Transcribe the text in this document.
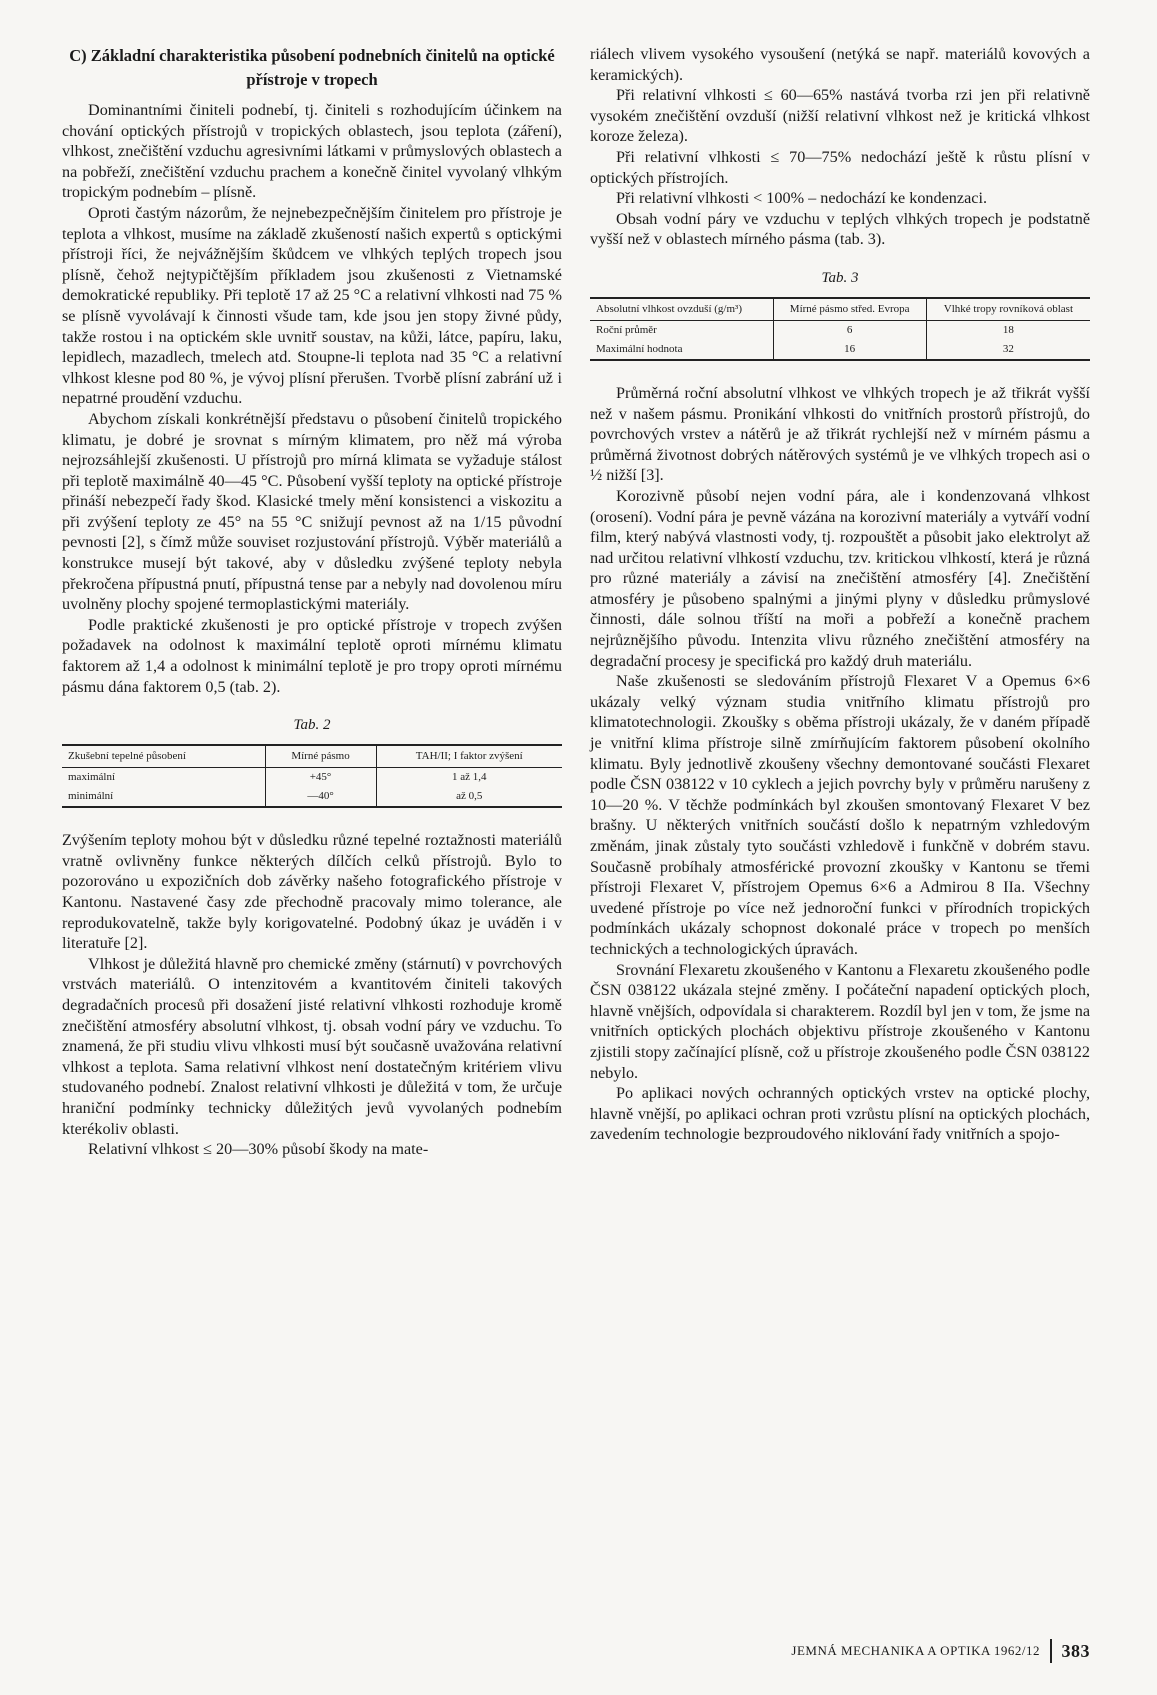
C) Základní charakteristika působení podnebních činitelů na optické přístroje v tropech

Dominantními činiteli podnebí, tj. činiteli s rozhodujícím účinkem na chování optických přístrojů v tropických oblastech, jsou teplota (záření), vlhkost, znečištění vzduchu agresivními látkami v průmyslových oblastech a na pobřeží, znečištění vzduchu prachem a konečně činitel vyvolaný vlhkým tropickým podnebím – plísně.

Oproti častým názorům, že nejnebezpečnějším činitelem pro přístroje je teplota a vlhkost, musíme na základě zkušeností našich expertů s optickými přístroji říci, že nejvážnějším škůdcem ve vlhkých teplých tropech jsou plísně, čehož nejtypičtějším příkladem jsou zkušenosti z Vietnamské demokratické republiky. Při teplotě 17 až 25 °C a relativní vlhkosti nad 75 % se plísně vyvolávají k činnosti všude tam, kde jsou jen stopy živné půdy, takže rostou i na optickém skle uvnitř soustav, na kůži, látce, papíru, laku, lepidlech, mazadlech, tmelech atd. Stoupne-li teplota nad 35 °C a relativní vlhkost klesne pod 80 %, je vývoj plísní přerušen. Tvorbě plísní zabrání už i nepatrné proudění vzduchu.

Abychom získali konkrétnější představu o působení činitelů tropického klimatu, je dobré je srovnat s mírným klimatem, pro něž má výroba nejrozsáhlejší zkušenosti. U přístrojů pro mírná klimata se vyžaduje stálost při teplotě maximálně 40—45 °C. Působení vyšší teploty na optické přístroje přináší nebezpečí řady škod. Klasické tmely mění konsistenci a viskozitu a při zvýšení teploty ze 45° na 55 °C snižují pevnost až na 1/15 původní pevnosti [2], s čímž může souviset rozjustování přístrojů. Výběr materiálů a konstrukce musejí být takové, aby v důsledku zvýšené teploty nebyla překročena přípustná pnutí, přípustná tense par a nebyly nad dovolenou míru uvolněny plochy spojené termoplastickými materiály.

Podle praktické zkušenosti je pro optické přístroje v tropech zvýšen požadavek na odolnost k maximální teplotě oproti mírnému klimatu faktorem až 1,4 a odolnost k minimální teplotě je pro tropy oproti mírnému pásmu dána faktorem 0,5 (tab. 2).

Tab. 2
Zkušební tepelné působení	Mírné pásmo	TAH/II; I faktor zvýšení
maximální	+45°	1 až 1,4
minimální	—40°	až 0,5

Zvýšením teploty mohou být v důsledku různé tepelné roztažnosti materiálů vratně ovlivněny funkce některých dílčích celků přístrojů. Bylo to pozorováno u expozičních dob závěrky našeho fotografického přístroje v Kantonu. Nastavené časy zde přechodně pracovaly mimo tolerance, ale reprodukovatelně, takže byly korigovatelné. Podobný úkaz je uváděn i v literatuře [2].

Vlhkost je důležitá hlavně pro chemické změny (stárnutí) v povrchových vrstvách materiálů. O intenzitovém a kvantitovém činiteli takových degradačních procesů při dosažení jisté relativní vlhkosti rozhoduje kromě znečištění atmosféry absolutní vlhkost, tj. obsah vodní páry ve vzduchu. To znamená, že při studiu vlivu vlhkosti musí být současně uvažována relativní vlhkost a teplota. Sama relativní vlhkost není dostatečným kritériem vlivu studovaného podnebí. Znalost relativní vlhkosti je důležitá v tom, že určuje hraniční podmínky technicky důležitých jevů vyvolaných podnebím kterékoliv oblasti.

Relativní vlhkost ≤ 20—30% působí škody na mate-

riálech vlivem vysokého vysoušení (netýká se např. materiálů kovových a keramických).

Při relativní vlhkosti ≤ 60—65% nastává tvorba rzi jen při relativně vysokém znečištění ovzduší (nižší relativní vlhkost než je kritická vlhkost koroze železa).

Při relativní vlhkosti ≤ 70—75% nedochází ještě k růstu plísní v optických přístrojích.

Při relativní vlhkosti < 100% – nedochází ke kondenzaci.

Obsah vodní páry ve vzduchu v teplých vlhkých tropech je podstatně vyšší než v oblastech mírného pásma (tab. 3).

Tab. 3
Absolutní vlhkost ovzduší (g/m³)	Mírné pásmo střed. Evropa	Vlhké tropy rovníková oblast
Roční průměr	6	18
Maximální hodnota	16	32

Průměrná roční absolutní vlhkost ve vlhkých tropech je až třikrát vyšší než v našem pásmu. Pronikání vlhkosti do vnitřních prostorů přístrojů, do povrchových vrstev a nátěrů je až třikrát rychlejší než v mírném pásmu a průměrná životnost dobrých nátěrových systémů je ve vlhkých tropech asi o ½ nižší [3].

Korozivně působí nejen vodní pára, ale i kondenzovaná vlhkost (orosení). Vodní pára je pevně vázána na korozivní materiály a vytváří vodní film, který nabývá vlastnosti vody, tj. rozpouštět a působit jako elektrolyt až nad určitou relativní vlhkostí vzduchu, tzv. kritickou vlhkostí, která je různá pro různé materiály a závisí na znečištění atmosféry [4]. Znečištění atmosféry je působeno spalnými a jinými plyny v důsledku průmyslové činnosti, dále solnou tříští na moři a pobřeží a konečně prachem nejrůznějšího původu. Intenzita vlivu různého znečištění atmosféry na degradační procesy je specifická pro každý druh materiálu.

Naše zkušenosti se sledováním přístrojů Flexaret V a Opemus 6×6 ukázaly velký význam studia vnitřního klimatu přístrojů pro klimatotechnologii. Zkoušky s oběma přístroji ukázaly, že v daném případě je vnitřní klima přístroje silně zmírňujícím faktorem působení okolního klimatu. Byly jednotlivě zkoušeny všechny demontované součásti Flexaret podle ČSN 038122 v 10 cyklech a jejich povrchy byly v průměru narušeny z 10—20 %. V těchže podmínkách byl zkoušen smontovaný Flexaret V bez brašny. U některých vnitřních součástí došlo k nepatrným vzhledovým změnám, jinak zůstaly tyto součásti vzhledově i funkčně v dobrém stavu. Současně probíhaly atmosférické provozní zkoušky v Kantonu se třemi přístroji Flexaret V, přístrojem Opemus 6×6 a Admirou 8 IIa. Všechny uvedené přístroje po více než jednoroční funkci v přírodních tropických podmínkách ukázaly schopnost dokonalé práce v tropech po menších technických a technologických úpravách.

Srovnání Flexaretu zkoušeného v Kantonu a Flexaretu zkoušeného podle ČSN 038122 ukázala stejné změny. I počáteční napadení optických ploch, hlavně vnějších, odpovídala si charakterem. Rozdíl byl jen v tom, že jsme na vnitřních optických plochách objektivu přístroje zkoušeného v Kantonu zjistili stopy začínající plísně, což u přístroje zkoušeného podle ČSN 038122 nebylo.

Po aplikaci nových ochranných optických vrstev na optické plochy, hlavně vnější, po aplikaci ochran proti vzrůstu plísní na optických plochách, zavedením technologie bezproudového niklování řady vnitřních a spojo-

JEMNÁ MECHANIKA A OPTIKA 1962/12 383
